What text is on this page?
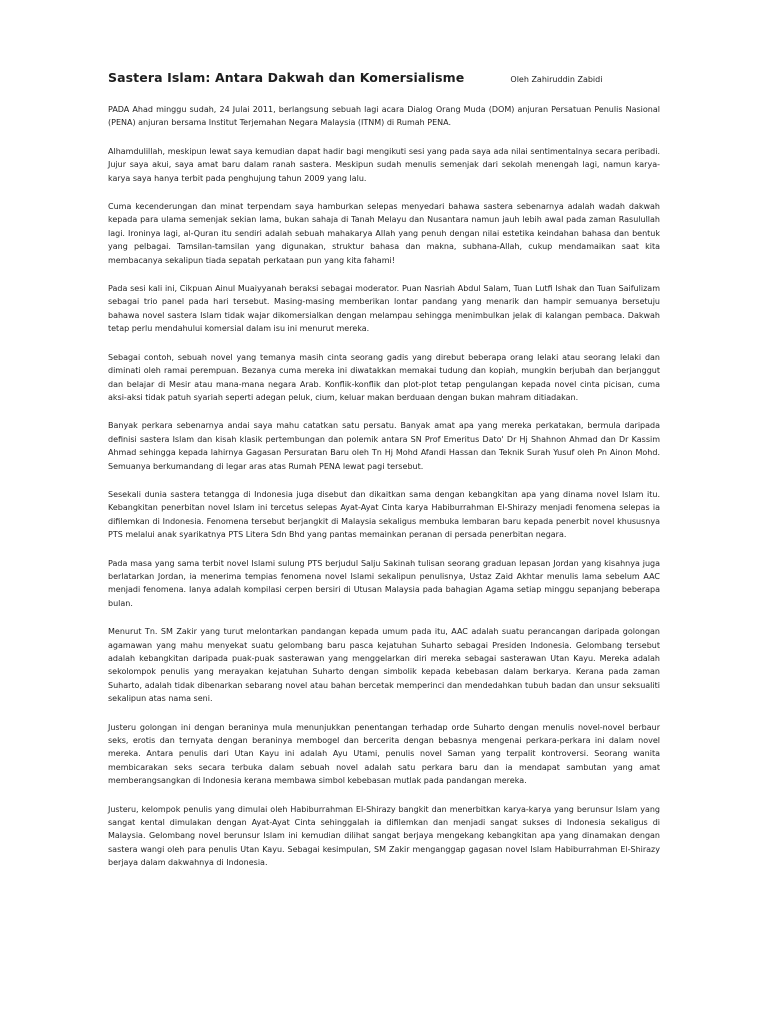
Sastera Islam: Antara Dakwah dan Komersialisme	Oleh Zahiruddin Zabidi

PADA Ahad minggu sudah, 24 Julai 2011, berlangsung sebuah lagi acara Dialog Orang Muda (DOM) anjuran Persatuan Penulis Nasional (PENA) anjuran bersama Institut Terjemahan Negara Malaysia (ITNM) di Rumah PENA.

Alhamdulillah, meskipun lewat saya kemudian dapat hadir bagi mengikuti sesi yang pada saya ada nilai sentimentalnya secara peribadi. Jujur saya akui, saya amat baru dalam ranah sastera. Meskipun sudah menulis semenjak dari sekolah menengah lagi, namun karya-karya saya hanya terbit pada penghujung tahun 2009 yang lalu.

Cuma kecenderungan dan minat terpendam saya hamburkan selepas menyedari bahawa sastera sebenarnya adalah wadah dakwah kepada para ulama semenjak sekian lama, bukan sahaja di Tanah Melayu dan Nusantara namun jauh lebih awal pada zaman Rasulullah lagi. Ironinya lagi, al-Quran itu sendiri adalah sebuah mahakarya Allah yang penuh dengan nilai estetika keindahan bahasa dan bentuk yang pelbagai. Tamsilan-tamsilan yang digunakan, struktur bahasa dan makna, subhana-Allah, cukup mendamaikan saat kita membacanya sekalipun tiada sepatah perkataan pun yang kita fahami!

Pada sesi kali ini, Cikpuan Ainul Muaiyyanah beraksi sebagai moderator. Puan Nasriah Abdul Salam, Tuan Lutfi Ishak dan Tuan Saifulizam sebagai trio panel pada hari tersebut. Masing-masing memberikan lontar pandang yang menarik dan hampir semuanya bersetuju bahawa novel sastera Islam tidak wajar dikomersialkan dengan melampau sehingga menimbulkan jelak di kalangan pembaca. Dakwah tetap perlu mendahului komersial dalam isu ini menurut mereka.

Sebagai contoh, sebuah novel yang temanya masih cinta seorang gadis yang direbut beberapa orang lelaki atau seorang lelaki dan diminati oleh ramai perempuan. Bezanya cuma mereka ini diwatakkan memakai tudung dan kopiah, mungkin berjubah dan berjanggut dan belajar di Mesir atau mana-mana negara Arab. Konflik-konflik dan plot-plot tetap pengulangan kepada novel cinta picisan, cuma aksi-aksi tidak patuh syariah seperti adegan peluk, cium, keluar makan berduaan dengan bukan mahram ditiadakan.

Banyak perkara sebenarnya andai saya mahu catatkan satu persatu. Banyak amat apa yang mereka perkatakan, bermula daripada definisi sastera Islam dan kisah klasik pertembungan dan polemik antara SN Prof Emeritus Dato' Dr Hj Shahnon Ahmad dan Dr Kassim Ahmad sehingga kepada lahirnya Gagasan Persuratan Baru oleh Tn Hj Mohd Afandi Hassan dan Teknik Surah Yusuf oleh Pn Ainon Mohd. Semuanya berkumandang di legar aras atas Rumah PENA lewat pagi tersebut.

Sesekali dunia sastera tetangga di Indonesia juga disebut dan dikaitkan sama dengan kebangkitan apa yang dinama novel Islam itu. Kebangkitan penerbitan novel Islam ini tercetus selepas Ayat-Ayat Cinta karya Habiburrahman El-Shirazy menjadi fenomena selepas ia difilemkan di Indonesia. Fenomena tersebut berjangkit di Malaysia sekaligus membuka lembaran baru kepada penerbit novel khususnya PTS melalui anak syarikatnya PTS Litera Sdn Bhd yang pantas memainkan peranan di persada penerbitan negara.

Pada masa yang sama terbit novel Islami sulung PTS berjudul Salju Sakinah tulisan seorang graduan lepasan Jordan yang kisahnya juga berlatarkan Jordan, ia menerima tempias fenomena novel Islami sekalipun penulisnya, Ustaz Zaid Akhtar menulis lama sebelum AAC menjadi fenomena. Ianya adalah kompilasi cerpen bersiri di Utusan Malaysia pada bahagian Agama setiap minggu sepanjang beberapa bulan.

Menurut Tn. SM Zakir yang turut melontarkan pandangan kepada umum pada itu, AAC adalah suatu perancangan daripada golongan agamawan yang mahu menyekat suatu gelombang baru pasca kejatuhan Suharto sebagai Presiden Indonesia. Gelombang tersebut adalah kebangkitan daripada puak-puak sasterawan yang menggelarkan diri mereka sebagai sasterawan Utan Kayu. Mereka adalah sekolompok penulis yang merayakan kejatuhan Suharto dengan simbolik kepada kebebasan dalam berkarya. Kerana pada zaman Suharto, adalah tidak dibenarkan sebarang novel atau bahan bercetak memperinci dan mendedahkan tubuh badan dan unsur seksualiti sekalipun atas nama seni.

Justeru golongan ini dengan beraninya mula menunjukkan penentangan terhadap orde Suharto dengan menulis novel-novel berbaur seks, erotis dan ternyata dengan beraninya membogel dan bercerita dengan bebasnya mengenai perkara-perkara ini dalam novel mereka. Antara penulis dari Utan Kayu ini adalah Ayu Utami, penulis novel Saman yang terpalit kontroversi. Seorang wanita membicarakan seks secara terbuka dalam sebuah novel adalah satu perkara baru dan ia mendapat sambutan yang amat memberangsangkan di Indonesia kerana membawa simbol kebebasan mutlak pada pandangan mereka.

Justeru, kelompok penulis yang dimulai oleh Habiburrahman El-Shirazy bangkit dan menerbitkan karya-karya yang berunsur Islam yang sangat kental dimulakan dengan Ayat-Ayat Cinta sehinggalah ia difilemkan dan menjadi sangat sukses di Indonesia sekaligus di Malaysia. Gelombang novel berunsur Islam ini kemudian dilihat sangat berjaya mengekang kebangkitan apa yang dinamakan dengan sastera wangi oleh para penulis Utan Kayu. Sebagai kesimpulan, SM Zakir menganggap gagasan novel Islam Habiburrahman El-Shirazy berjaya dalam dakwahnya di Indonesia.
